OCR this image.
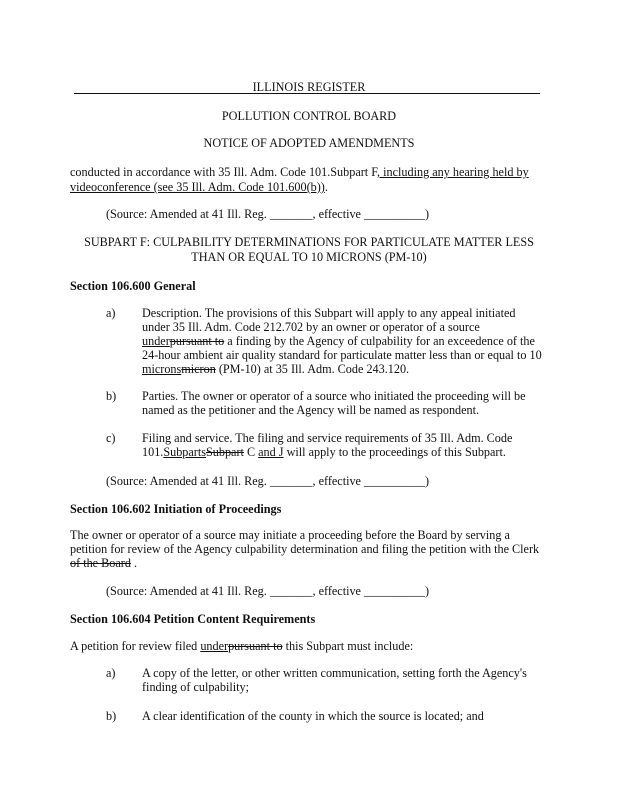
ILLINOIS REGISTER
POLLUTION CONTROL BOARD
NOTICE OF ADOPTED AMENDMENTS
conducted in accordance with 35 Ill. Adm. Code 101.Subpart F, including any hearing held by
videoconference (see 35 Ill. Adm. Code 101.600(b)).
(Source: Amended at 41 Ill. Reg. _______, effective __________)
SUBPART F: CULPABILITY DETERMINATIONS FOR PARTICULATE MATTER LESS
THAN OR EQUAL TO 10 MICRONS (PM-10)
Section 106.600 General
a) Description. The provisions of this Subpart will apply to any appeal initiated
under 35 Ill. Adm. Code 212.702 by an owner or operator of a source
underpursuant to a finding by the Agency of culpability for an exceedence of the
24-hour ambient air quality standard for particulate matter less than or equal to 10
micronsmicron (PM-10) at 35 Ill. Adm. Code 243.120.
b) Parties. The owner or operator of a source who initiated the proceeding will be
named as the petitioner and the Agency will be named as respondent.
c) Filing and service. The filing and service requirements of 35 Ill. Adm. Code
101.SubpartsSubpart C and J will apply to the proceedings of this Subpart.
(Source: Amended at 41 Ill. Reg. _______, effective __________)
Section 106.602 Initiation of Proceedings
The owner or operator of a source may initiate a proceeding before the Board by serving a
petition for review of the Agency culpability determination and filing the petition with the Clerk
of the Board .
(Source: Amended at 41 Ill. Reg. _______, effective __________)
Section 106.604 Petition Content Requirements
A petition for review filed underpursuant to this Subpart must include:
a) A copy of the letter, or other written communication, setting forth the Agency's
finding of culpability;
b) A clear identification of the county in which the source is located; and
